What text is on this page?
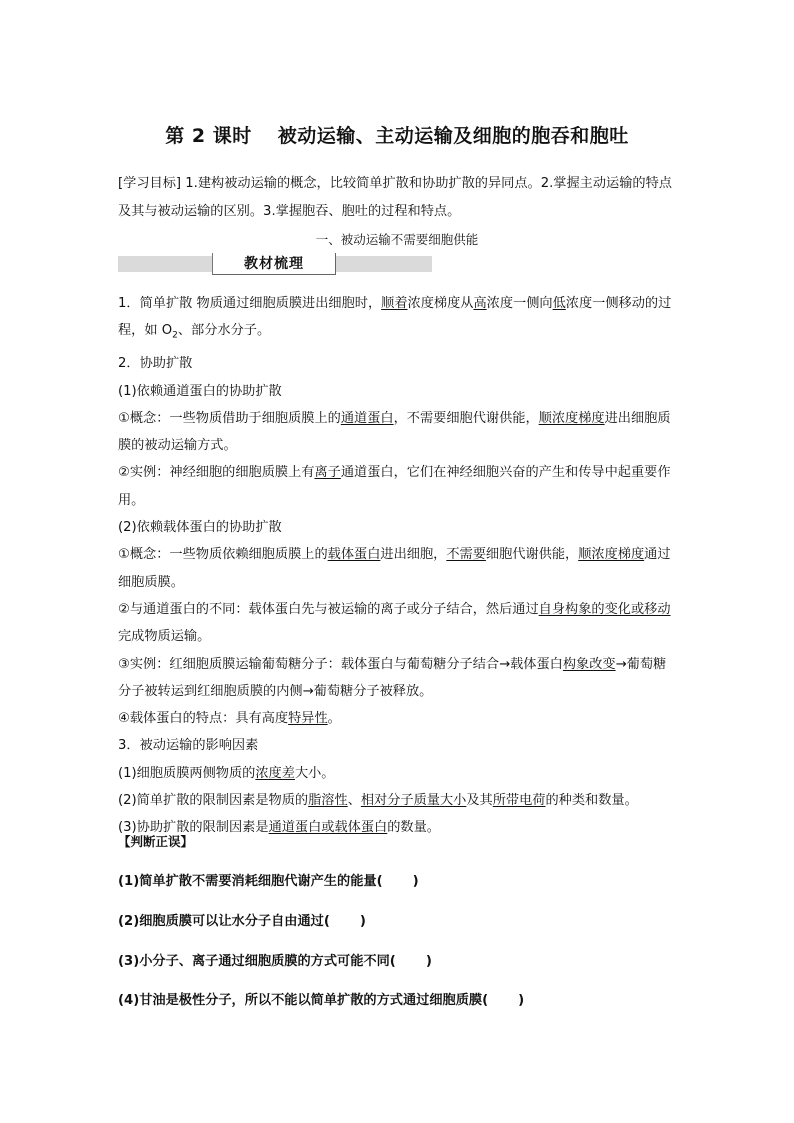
第 2 课时 被动运输、主动运输及细胞的胞吞和胞吐
[学习目标] 1.建构被动运输的概念，比较简单扩散和协助扩散的异同点。2.掌握主动运输的特点及其与被动运输的区别。3.掌握胞吞、胞吐的过程和特点。
一、被动运输不需要细胞供能
教材梳理

1．简单扩散 物质通过细胞质膜进出细胞时，顺着浓度梯度从高浓度一侧向低浓度一侧移动的过程，如 $O_2$、部分水分子。

2．协助扩散

(1)依赖通道蛋白的协助扩散

①概念：一些物质借助于细胞质膜上的通道蛋白，不需要细胞代谢供能，顺浓度梯度进出细胞质膜的被动运输方式。

②实例：神经细胞的细胞质膜上有离子通道蛋白，它们在神经细胞兴奋的产生和传导中起重要作用。

(2)依赖载体蛋白的协助扩散

①概念：一些物质依赖细胞质膜上的载体蛋白进出细胞，不需要细胞代谢供能，顺浓度梯度通过细胞质膜。

②与通道蛋白的不同：载体蛋白先与被运输的离子或分子结合，然后通过自身构象的变化或移动完成物质运输。

③实例：红细胞质膜运输葡萄糖分子：载体蛋白与葡萄糖分子结合→载体蛋白构象改变→葡萄糖分子被转运到红细胞质膜的内侧→葡萄糖分子被释放。

④载体蛋白的特点：具有高度特异性。

3．被动运输的影响因素

(1)细胞质膜两侧物质的浓度差大小。

(2)简单扩散的限制因素是物质的脂溶性、相对分子质量大小及其所带电荷的种类和数量。

(3)协助扩散的限制因素是通道蛋白或载体蛋白的数量。

【判断正误】
(1)简单扩散不需要消耗细胞代谢产生的能量( )
(2)细胞质膜可以让水分子自由通过( )
(3)小分子、离子通过细胞质膜的方式可能不同( )
(4)甘油是极性分子，所以不能以简单扩散的方式通过细胞质膜( )
